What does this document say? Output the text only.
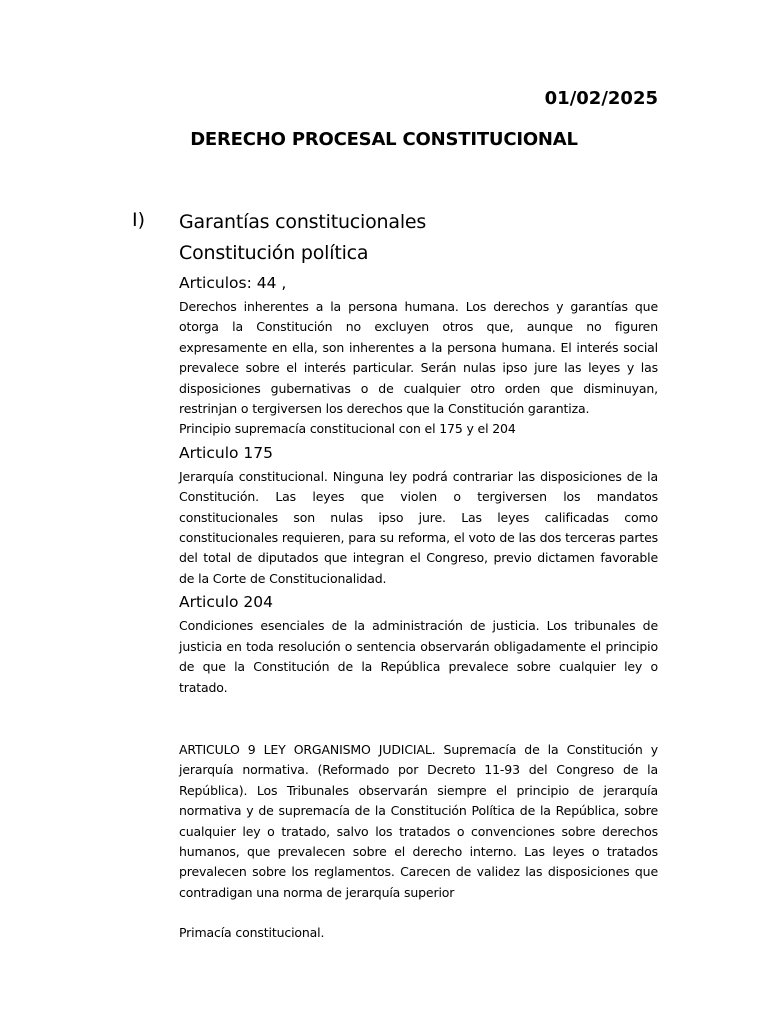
01/02/2025
DERECHO PROCESAL CONSTITUCIONAL
I) Garantías constitucionales

Constitución política

Articulos: 44 ,

Derechos inherentes a la persona humana. Los derechos y garantías que otorga la Constitución no excluyen otros que, aunque no figuren expresamente en ella, son inherentes a la persona humana. El interés social prevalece sobre el interés particular. Serán nulas ipso jure las leyes y las disposiciones gubernativas o de cualquier otro orden que disminuyan, restrinjan o tergiversen los derechos que la Constitución garantiza.

Principio supremacía constitucional con el 175 y el 204

Articulo 175

Jerarquía constitucional. Ninguna ley podrá contrariar las disposiciones de la Constitución. Las leyes que violen o tergiversen los mandatos constitucionales son nulas ipso jure. Las leyes calificadas como constitucionales requieren, para su reforma, el voto de las dos terceras partes del total de diputados que integran el Congreso, previo dictamen favorable de la Corte de Constitucionalidad.

Articulo 204

Condiciones esenciales de la administración de justicia. Los tribunales de justicia en toda resolución o sentencia observarán obligadamente el principio de que la Constitución de la República prevalece sobre cualquier ley o tratado.

ARTICULO 9 LEY ORGANISMO JUDICIAL. Supremacía de la Constitución y jerarquía normativa. (Reformado por Decreto 11-93 del Congreso de la República). Los Tribunales observarán siempre el principio de jerarquía normativa y de supremacía de la Constitución Política de la República, sobre cualquier ley o tratado, salvo los tratados o convenciones sobre derechos humanos, que prevalecen sobre el derecho interno. Las leyes o tratados prevalecen sobre los reglamentos. Carecen de validez las disposiciones que contradigan una norma de jerarquía superior

Primacía constitucional.
